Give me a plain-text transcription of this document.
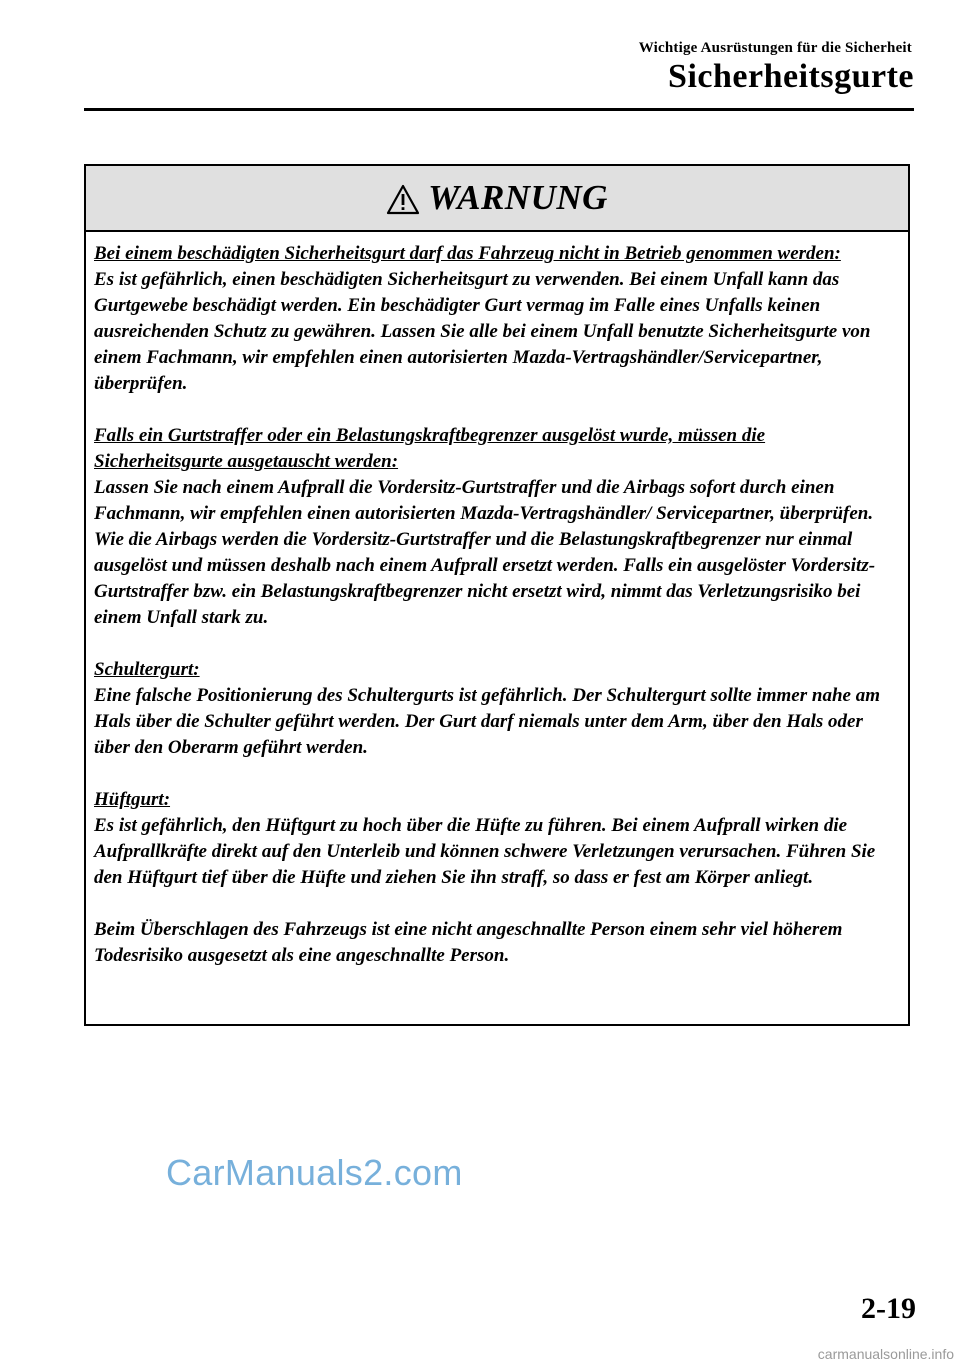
Wichtige Ausrüstungen für die Sicherheit
Sicherheitsgurte
WARNUNG

Bei einem beschädigten Sicherheitsgurt darf das Fahrzeug nicht in Betrieb genommen werden:
Es ist gefährlich, einen beschädigten Sicherheitsgurt zu verwenden. Bei einem Unfall kann das Gurtgewebe beschädigt werden. Ein beschädigter Gurt vermag im Falle eines Unfalls keinen ausreichenden Schutz zu gewähren. Lassen Sie alle bei einem Unfall benutzte Sicherheitsgurte von einem Fachmann, wir empfehlen einen autorisierten Mazda-Vertragshändler/Servicepartner, überprüfen.

Falls ein Gurtstraffer oder ein Belastungskraftbegrenzer ausgelöst wurde, müssen die Sicherheitsgurte ausgetauscht werden:
Lassen Sie nach einem Aufprall die Vordersitz-Gurtstraffer und die Airbags sofort durch einen Fachmann, wir empfehlen einen autorisierten Mazda-Vertragshändler/ Servicepartner, überprüfen. Wie die Airbags werden die Vordersitz-Gurtstraffer und die Belastungskraftbegrenzer nur einmal ausgelöst und müssen deshalb nach einem Aufprall ersetzt werden. Falls ein ausgelöster Vordersitz-Gurtstraffer bzw. ein Belastungskraftbegrenzer nicht ersetzt wird, nimmt das Verletzungsrisiko bei einem Unfall stark zu.

Schultergurt:
Eine falsche Positionierung des Schultergurts ist gefährlich. Der Schultergurt sollte immer nahe am Hals über die Schulter geführt werden. Der Gurt darf niemals unter dem Arm, über den Hals oder über den Oberarm geführt werden.

Hüftgurt:
Es ist gefährlich, den Hüftgurt zu hoch über die Hüfte zu führen. Bei einem Aufprall wirken die Aufprallkräfte direkt auf den Unterleib und können schwere Verletzungen verursachen. Führen Sie den Hüftgurt tief über die Hüfte und ziehen Sie ihn straff, so dass er fest am Körper anliegt.

Beim Überschlagen des Fahrzeugs ist eine nicht angeschnallte Person einem sehr viel höherem Todesrisiko ausgesetzt als eine angeschnallte Person.

CarManuals2.com
2-19
carmanualsonline.info
